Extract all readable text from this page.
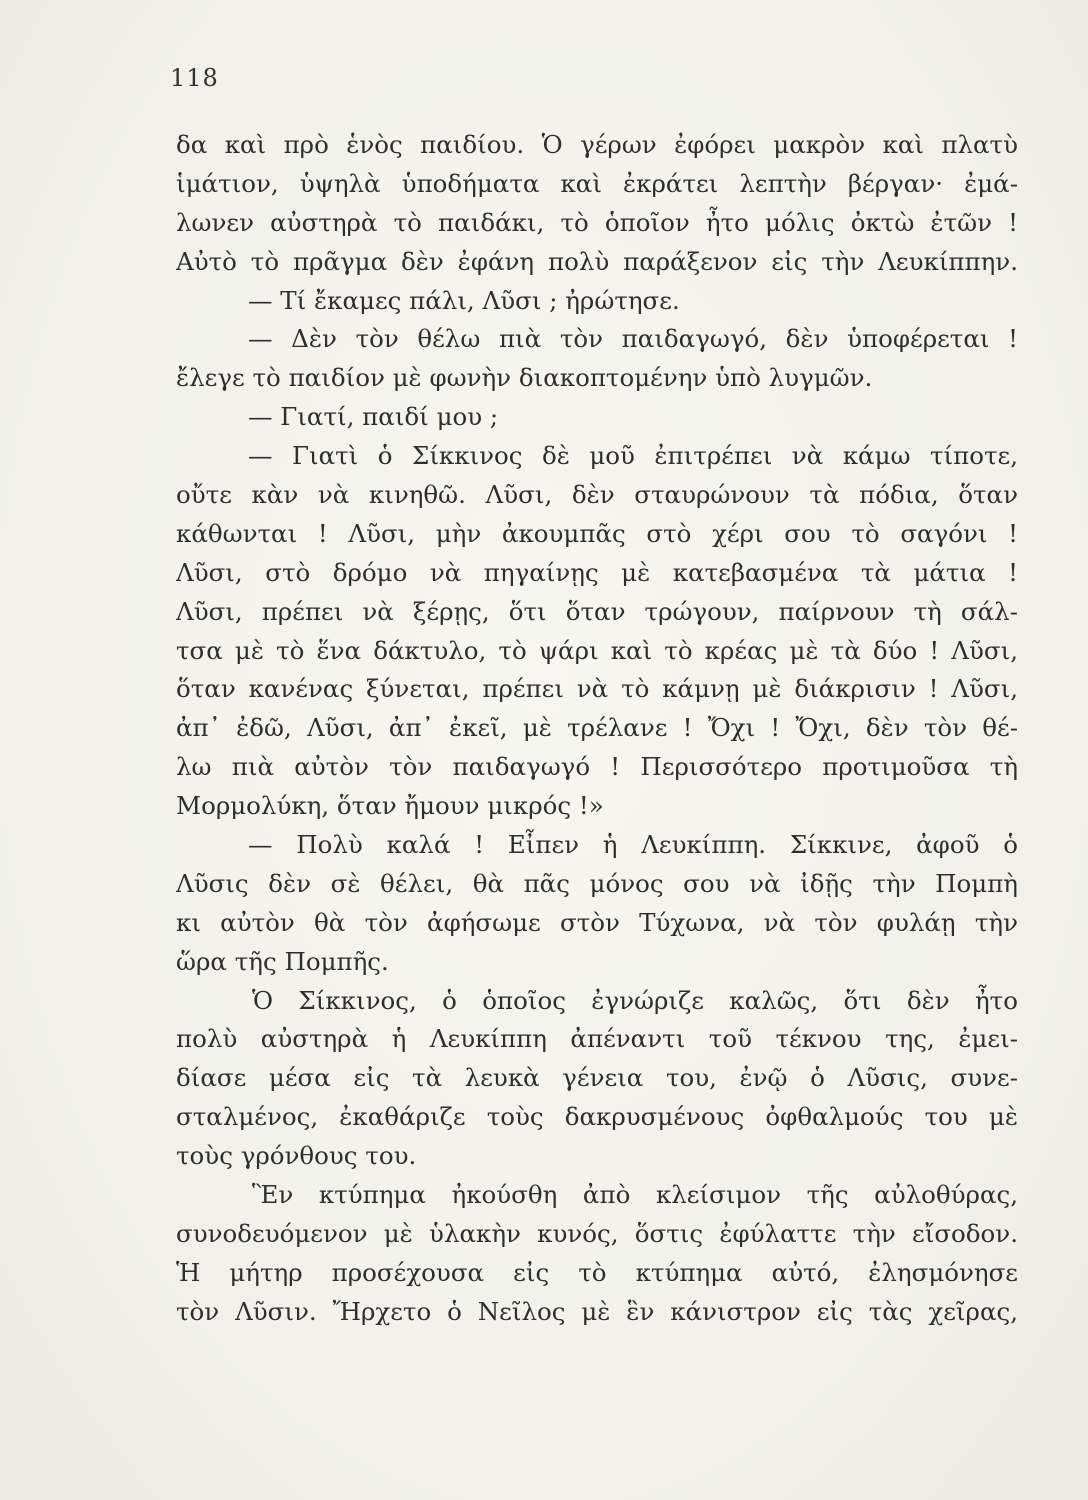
118
δα καὶ πρὸ ἑνὸς παιδίου. Ὁ γέρων ἐφόρει μακρὸν καὶ πλατὺ
ἱμάτιον, ὑψηλὰ ὑποδήματα καὶ ἐκράτει λεπτὴν βέργαν· ἐμά-
λωνεν αὐστηρὰ τὸ παιδάκι, τὸ ὁποῖον ἦτο μόλις ὀκτὼ ἐτῶν !
Αὐτὸ τὸ πρᾶγμα δὲν ἐφάνη πολὺ παράξενον εἰς τὴν Λευκίππην.
— Τί ἔκαμες πάλι, Λῦσι ; ἠρώτησε.
— Δὲν τὸν θέλω πιὰ τὸν παιδαγωγό, δὲν ὑποφέρεται !
ἔλεγε τὸ παιδίον μὲ φωνὴν διακοπτομένην ὑπὸ λυγμῶν.
— Γιατί, παιδί μου ;
— Γιατὶ ὁ Σίκκινος δὲ μοῦ ἐπιτρέπει νὰ κάμω τίποτε,
οὔτε κὰν νὰ κινηθῶ. Λῦσι, δὲν σταυρώνουν τὰ πόδια, ὅταν
κάθωνται ! Λῦσι, μὴν ἀκουμπᾶς στὸ χέρι σου τὸ σαγόνι !
Λῦσι, στὸ δρόμο νὰ πηγαίνῃς μὲ κατεβασμένα τὰ μάτια !
Λῦσι, πρέπει νὰ ξέρῃς, ὅτι ὅταν τρώγουν, παίρνουν τὴ σάλ-
τσα μὲ τὸ ἕνα δάκτυλο, τὸ ψάρι καὶ τὸ κρέας μὲ τὰ δύο ! Λῦσι,
ὅταν κανένας ξύνεται, πρέπει νὰ τὸ κάμνῃ μὲ διάκρισιν ! Λῦσι,
ἀπ᾽ ἐδῶ, Λῦσι, ἀπ᾽ ἐκεῖ, μὲ τρέλανε ! Ὄχι ! Ὄχι, δὲν τὸν θέ-
λω πιὰ αὐτὸν τὸν παιδαγωγό ! Περισσότερο προτιμοῦσα τὴ
Μορμολύκη, ὅταν ἤμουν μικρός !»
— Πολὺ καλά ! Εἶπεν ἡ Λευκίππη. Σίκκινε, ἀφοῦ ὁ
Λῦσις δὲν σὲ θέλει, θὰ πᾶς μόνος σου νὰ ἰδῇς τὴν Πομπὴ
κι αὐτὸν θὰ τὸν ἀφήσωμε στὸν Τύχωνα, νὰ τὸν φυλάῃ τὴν
ὥρα τῆς Πομπῆς.
Ὁ Σίκκινος, ὁ ὁποῖος ἐγνώριζε καλῶς, ὅτι δὲν ἦτο
πολὺ αὐστηρὰ ἡ Λευκίππη ἀπέναντι τοῦ τέκνου της, ἐμει-
δίασε μέσα εἰς τὰ λευκὰ γένεια του, ἐνῷ ὁ Λῦσις, συνε-
σταλμένος, ἐκαθάριζε τοὺς δακρυσμένους ὀφθαλμούς του μὲ
τοὺς γρόνθους του.
Ἓν κτύπημα ἠκούσθη ἀπὸ κλείσιμον τῆς αὐλοθύρας,
συνοδευόμενον μὲ ὑλακὴν κυνός, ὅστις ἐφύλαττε τὴν εἴσοδον.
Ἡ μήτηρ προσέχουσα εἰς τὸ κτύπημα αὐτό, ἐλησμόνησε
τὸν Λῦσιν. Ἤρχετο ὁ Νεῖλος μὲ ἓν κάνιστρον εἰς τὰς χεῖρας,
